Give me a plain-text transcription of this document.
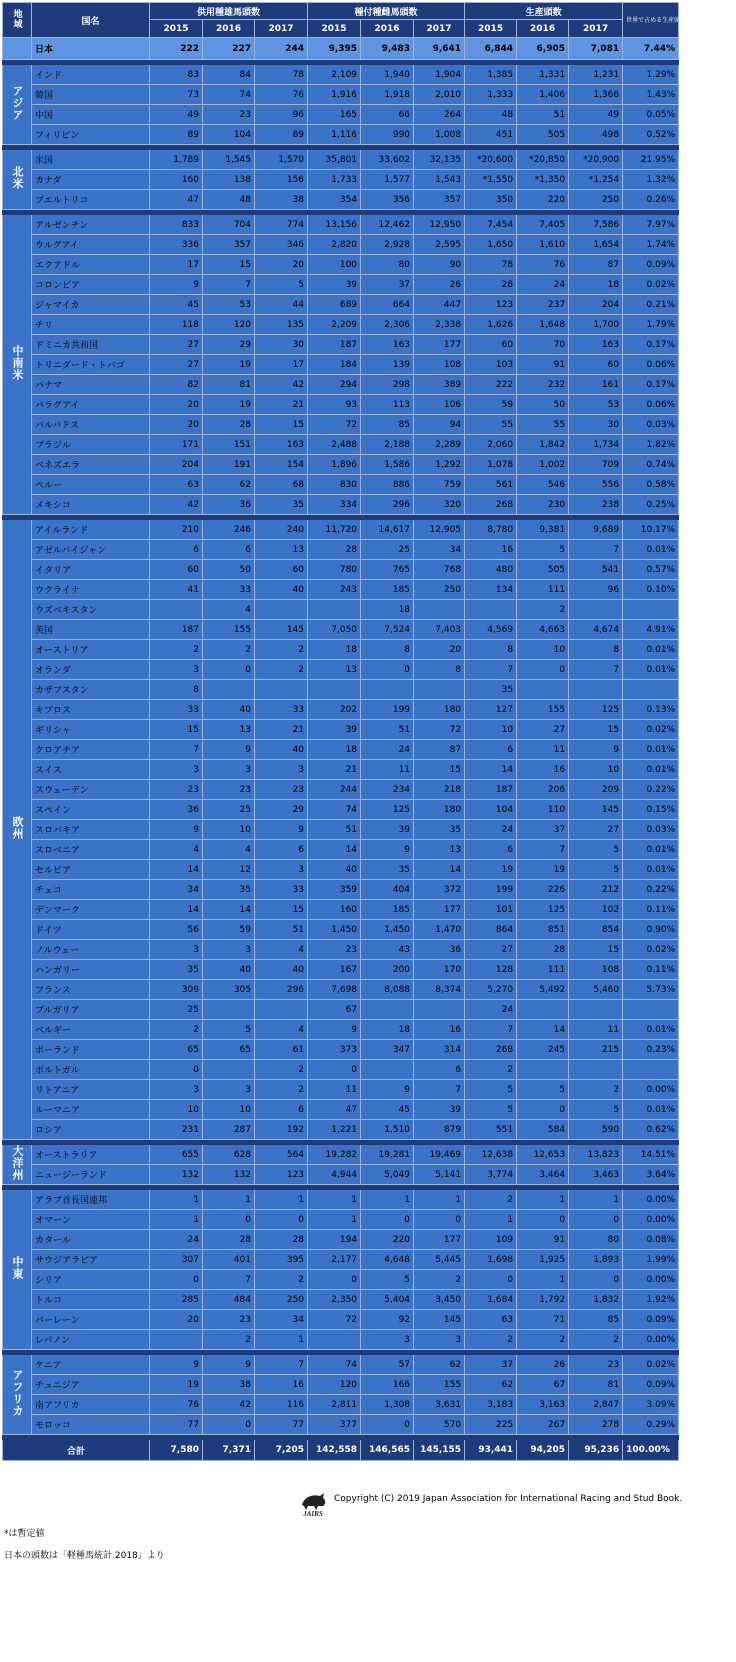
地域	国名	供用種雄馬頭数			種付種雌馬頭数			生産頭数			世界で占める生産頭数の割合(%)2017年
		2015	2016	2017	2015	2016	2017	2015	2016	2017	
	日本	222	227	244	9,395	9,483	9,641	6,844	6,905	7,081	7.44%

アジア	インド	83	84	78	2,109	1,940	1,904	1,385	1,331	1,231	1.29%
	韓国	73	74	76	1,916	1,918	2,010	1,333	1,406	1,366	1.43%
	中国	49	23	96	165	66	264	48	51	49	0.05%
	フィリピン	89	104	89	1,116	990	1,008	451	505	498	0.52%

北米	米国	1,789	1,545	1,570	35,801	33,602	32,135	*20,600	*20,850	*20,900	21.95%
	カナダ	160	138	156	1,733	1,577	1,543	*1,550	*1,350	*1,254	1.32%
	プエルトリコ	47	48	38	354	356	357	350	220	250	0.26%

中南米	アルゼンチン	833	704	774	13,156	12,462	12,950	7,454	7,405	7,586	7.97%
	ウルグアイ	336	357	346	2,820	2,928	2,595	1,650	1,610	1,654	1.74%
	エクアドル	17	15	20	100	80	90	78	76	87	0.09%
	コロンビア	9	7	5	39	37	26	28	24	18	0.02%
	ジャマイカ	45	53	44	689	664	447	123	237	204	0.21%
	チリ	118	120	135	2,209	2,306	2,338	1,626	1,648	1,700	1.79%
	ドミニカ共和国	27	29	30	187	163	177	60	70	163	0.17%
	トリニダード・トバゴ	27	19	17	184	139	108	103	91	60	0.06%
	パナマ	82	81	42	294	298	389	222	232	161	0.17%
	パラグアイ	20	19	21	93	113	106	59	50	53	0.06%
	バルバドス	20	28	15	72	85	94	55	55	30	0.03%
	ブラジル	171	151	163	2,488	2,188	2,289	2,060	1,842	1,734	1.82%
	ベネズエラ	204	191	154	1,896	1,586	1,292	1,078	1,002	709	0.74%
	ペルー	63	62	68	830	886	759	561	546	556	0.58%
	メキシコ	42	36	35	334	296	320	268	230	238	0.25%

欧州	アイルランド	210	246	240	11,720	14,617	12,905	8,780	9,381	9,689	10.17%
	アゼルバイジャン	6	6	13	28	25	34	16	5	7	0.01%
	イタリア	60	50	60	780	765	768	480	505	541	0.57%
	ウクライナ	41	33	40	243	185	250	134	111	96	0.10%
	ウズベキスタン		4			18			2		
	英国	187	155	145	7,050	7,524	7,403	4,569	4,663	4,674	4.91%
	オーストリア	2	2	2	18	8	20	8	10	8	0.01%
	オランダ	3	0	2	13	0	8	7	0	7	0.01%
	カザフスタン	8						35			
	キプロス	33	40	33	202	199	180	127	155	125	0.13%
	ギリシャ	15	13	21	39	51	72	10	27	15	0.02%
	クロアチア	7	9	40	18	24	87	6	11	9	0.01%
	スイス	3	3	3	21	11	15	14	16	10	0.01%
	スウェーデン	23	23	23	244	234	218	187	206	209	0.22%
	スペイン	36	25	29	74	125	180	104	110	145	0.15%
	スロバキア	9	10	9	51	39	35	24	37	27	0.03%
	スロベニア	4	4	6	14	9	13	6	7	5	0.01%
	セルビア	14	12	3	40	35	14	19	19	5	0.01%
	チェコ	34	35	33	359	404	372	199	226	212	0.22%
	デンマーク	14	14	15	160	185	177	101	125	102	0.11%
	ドイツ	56	59	51	1,450	1,450	1,470	864	851	854	0.90%
	ノルウェー	3	3	4	23	43	36	27	28	15	0.02%
	ハンガリー	35	40	40	167	200	170	128	111	108	0.11%
	フランス	309	305	296	7,698	8,088	8,374	5,270	5,492	5,460	5.73%
	ブルガリア	25			67			24			
	ベルギー	2	5	4	9	18	16	7	14	11	0.01%
	ポーランド	65	65	61	373	347	314	268	245	215	0.23%
	ポルトガル	0		2	0		6	2			
	リトアニア	3	3	2	11	9	7	5	5	2	0.00%
	ルーマニア	10	10	6	47	45	39	5	0	5	0.01%
	ロシア	231	287	192	1,221	1,510	879	551	584	590	0.62%

大洋州	オーストラリア	655	628	564	19,282	19,281	19,469	12,638	12,653	13,823	14.51%
	ニュージーランド	132	132	123	4,944	5,049	5,141	3,774	3,464	3,463	3.64%

中東	アラブ首長国連邦	1	1	1	1	1	1	2	1	1	0.00%
	オマーン	1	0	0	1	0	0	1	0	0	0.00%
	カタール	24	28	28	194	220	177	109	91	80	0.08%
	サウジアラビア	307	401	395	2,177	4,648	5,445	1,698	1,925	1,893	1.99%
	シリア	0	7	2	0	5	2	0	1	0	0.00%
	トルコ	285	484	250	2,350	5,404	3,450	1,684	1,792	1,832	1.92%
	バーレーン	20	23	34	72	92	145	63	71	85	0.09%
	レバノン		2	1		3	3	2	2	2	0.00%

アフリカ	ケニア	9	9	7	74	57	62	37	26	23	0.02%
	チュニジア	19	38	16	120	166	155	62	67	81	0.09%
	南アフリカ	76	42	116	2,811	1,308	3,631	3,183	3,163	2,847	3.09%
	モロッコ	77	0	77	377	0	570	225	267	278	0.29%

合計		7,580	7,371	7,205	142,558	146,565	145,155	93,441	94,205	95,236	100.00%
JAIRS
Copyright (C) 2019 Japan Association for International Racing and Stud Book.
*は暫定値
日本の頭数は「軽種馬統計 2018」より
